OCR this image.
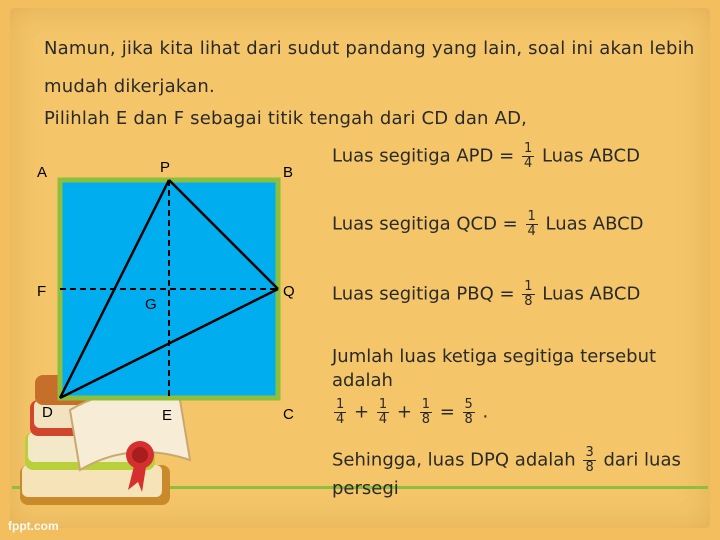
Namun, jika kita lihat dari sudut pandang yang lain, soal ini akan lebih
mudah dikerjakan.
Pilihlah E dan F sebagai titik tengah dari CD dan AD,
A	P	B
F
G
Q
D	E	C
Luas segitiga APD = $\frac{1}{4}$ Luas ABCD
Luas segitiga QCD = $\frac{1}{4}$ Luas ABCD
Luas segitiga PBQ = $\frac{1}{8}$ Luas ABCD
Jumlah luas ketiga segitiga tersebut
adalah
$\frac{1}{4} + \frac{1}{4} + \frac{1}{8} = \frac{5}{8}$ .
Sehingga, luas DPQ adalah $\frac{3}{8}$ dari luas
persegi
fppt.com
